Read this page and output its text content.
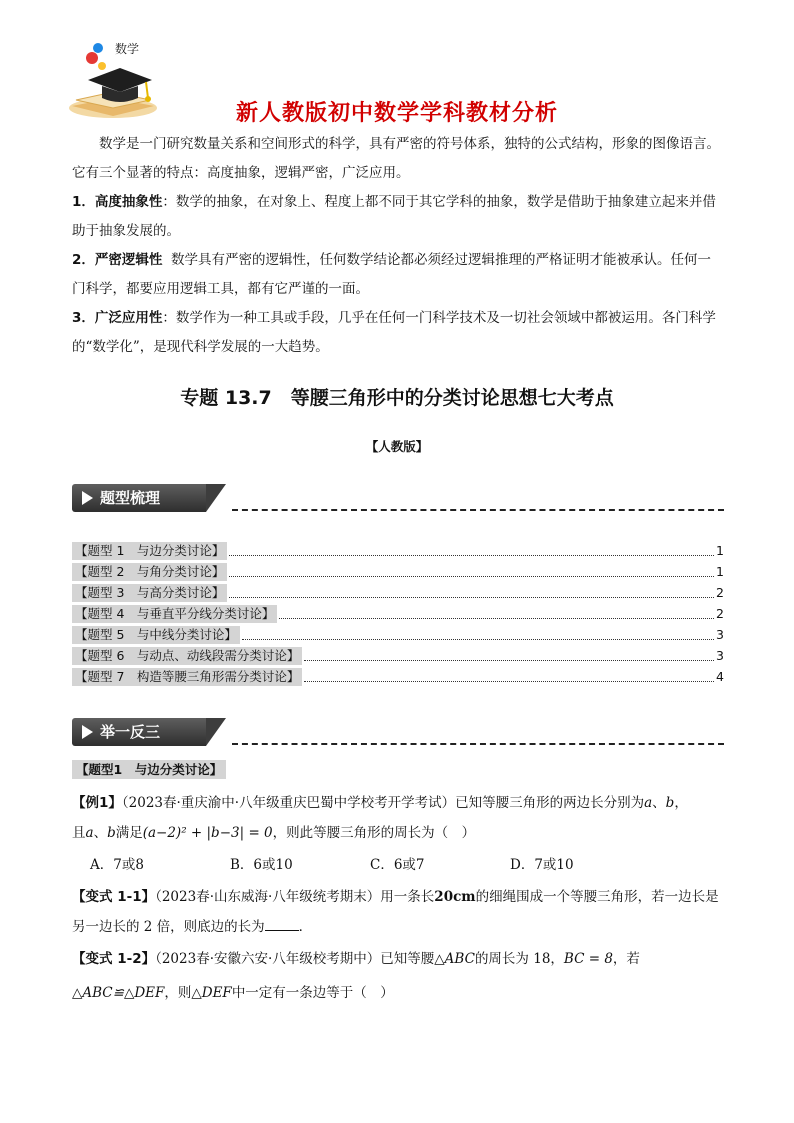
数学
新人教版初中数学学科教材分析
数学是一门研究数量关系和空间形式的科学，具有严密的符号体系，独特的公式结构，形象的图像语言。它有三个显著的特点：高度抽象，逻辑严密，广泛应用。
1．高度抽象性：数学的抽象，在对象上、程度上都不同于其它学科的抽象，数学是借助于抽象建立起来并借助于抽象发展的。
2．严密逻辑性  数学具有严密的逻辑性，任何数学结论都必须经过逻辑推理的严格证明才能被承认。任何一门科学，都要应用逻辑工具，都有它严谨的一面。
3．广泛应用性：数学作为一种工具或手段，几乎在任何一门科学技术及一切社会领域中都被运用。各门科学的“数学化”，是现代科学发展的一大趋势。
专题 13.7　等腰三角形中的分类讨论思想七大考点
【人教版】
题型梳理
【题型 1　与边分类讨论】	1
【题型 2　与角分类讨论】	1
【题型 3　与高分类讨论】	2
【题型 4　与垂直平分线分类讨论】	2
【题型 5　与中线分类讨论】	3
【题型 6　与动点、动线段需分类讨论】	3
【题型 7　构造等腰三角形需分类讨论】	4
举一反三
【题型1　与边分类讨论】
【例1】（2023春·重庆渝中·八年级重庆巴蜀中学校考开学考试）已知等腰三角形的两边长分别为a、b，
且a、b满足(a−2)² + |b−3| = 0，则此等腰三角形的周长为（　）
A．7或8	B．6或10	C．6或7	D．7或10
【变式 1-1】（2023春·山东威海·八年级统考期末）用一条长20cm的细绳围成一个等腰三角形，若一边长是
另一边长的 2 倍，则底边的长为	．
【变式 1-2】（2023春·安徽六安·八年级校考期中）已知等腰△ABC的周长为 18，BC = 8，若
△ABC≌△DEF，则△DEF中一定有一条边等于（　）
